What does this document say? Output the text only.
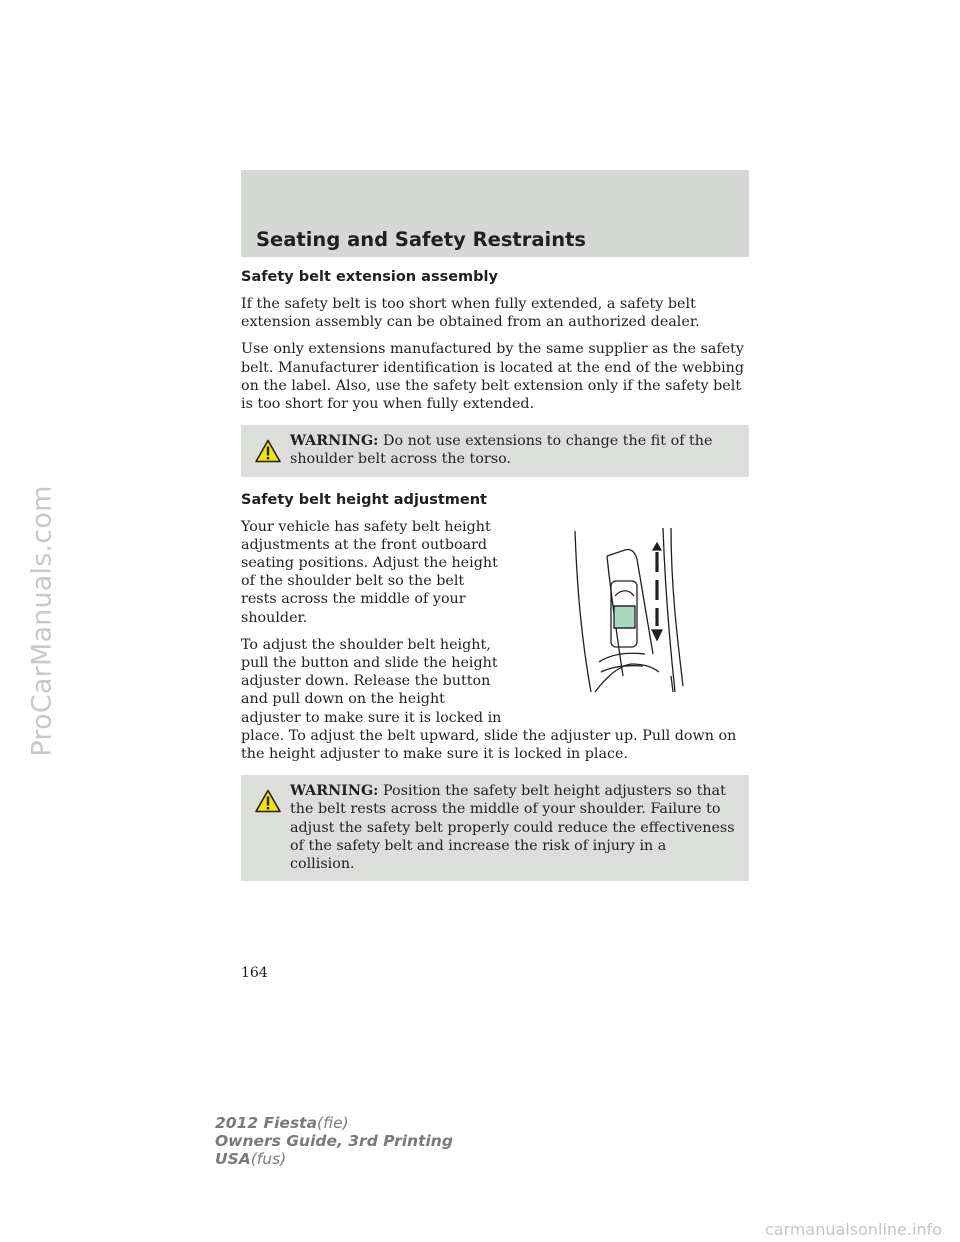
ProCarManuals.com
Seating and Safety Restraints
Safety belt extension assembly

If the safety belt is too short when fully extended, a safety belt extension assembly can be obtained from an authorized dealer.

Use only extensions manufactured by the same supplier as the safety belt. Manufacturer identification is located at the end of the webbing on the label. Also, use the safety belt extension only if the safety belt is too short for you when fully extended.

WARNING: Do not use extensions to change the fit of the shoulder belt across the torso.
Safety belt height adjustment

Your vehicle has safety belt height adjustments at the front outboard seating positions. Adjust the height of the shoulder belt so the belt rests across the middle of your shoulder.

To adjust the shoulder belt height, pull the button and slide the height adjuster down. Release the button and pull down on the height adjuster to make sure it is locked in

place. To adjust the belt upward, slide the adjuster up. Pull down on the height adjuster to make sure it is locked in place.

WARNING: Position the safety belt height adjusters so that the belt rests across the middle of your shoulder. Failure to adjust the safety belt properly could reduce the effectiveness of the safety belt and increase the risk of injury in a collision.
164
2012 Fiesta(fie)
Owners Guide, 3rd Printing
USA(fus)
carmanualsonline.info
